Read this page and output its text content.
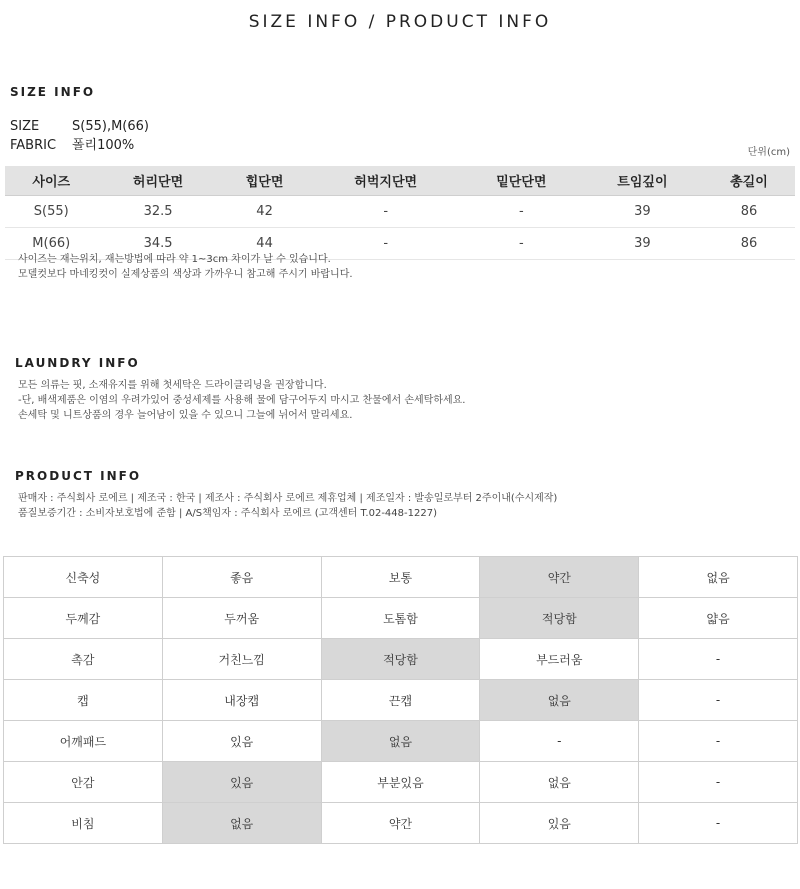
SIZE INFO / PRODUCT INFO
SIZE INFO
SIZE	S(55),M(66)
FABRIC 폴리100%	단위(cm)
사이즈	허리단면	힙단면	허벅지단면	밑단단면	트임깊이	총길이
S(55)	32.5	42	-	-	39	86
M(66)	34.5	44	-	-	39	86
사이즈는 재는위치, 재는방법에 따라 약 1~3cm 차이가 날 수 있습니다.
모델컷보다 마네킹컷이 실제상품의 색상과 가까우니 참고해 주시기 바랍니다.
LAUNDRY INFO
모든 의류는 핏, 소재유지를 위해 첫세탁은 드라이클리닝을 권장합니다.
-단, 배색제품은 이염의 우려가있어 중성세제를 사용해 물에 담구어두지 마시고 찬물에서 손세탁하세요.
손세탁 및 니트상품의 경우 늘어남이 있을 수 있으니 그늘에 뉘어서 말리세요.
PRODUCT INFO
판매자 : 주식회사 로에르 | 제조국 : 한국 | 제조사 : 주식회사 로에르 제휴업체 | 제조일자 : 발송일로부터 2주이내(수시제작)
품질보증기간 : 소비자보호법에 준함 | A/S책임자 : 주식회사 로에르 (고객센터 T.02-448-1227)
신축성	좋음	보통	약간	없음
두께감	두꺼움	도톰함	적당함	얇음
촉감	거친느낌	적당함	부드러움	-
캡	내장캡	끈캡	없음	-
어깨패드	있음	없음	-	-
안감	있음	부분있음	없음	-
비침	없음	약간	있음	-
